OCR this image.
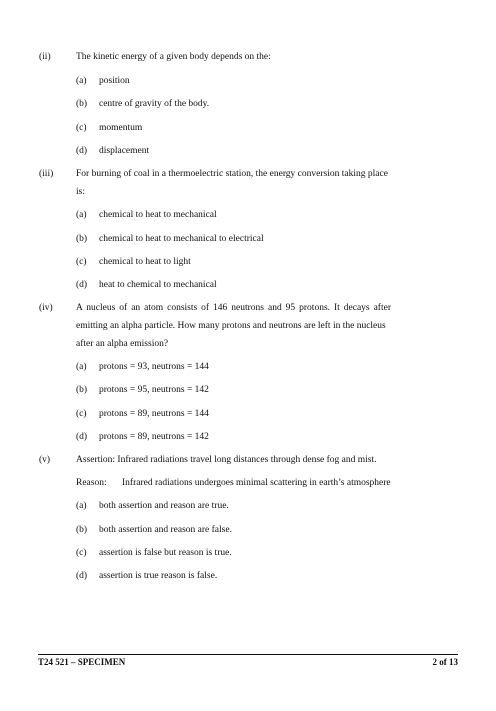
(ii)	The kinetic energy of a given body depends on the:
(a) position
(b) centre of gravity of the body.
(c) momentum
(d) displacement
(iii) For burning of coal in a thermoelectric station, the energy conversion taking place
is:
(a) chemical to heat to mechanical
(b) chemical to heat to mechanical to electrical
(c) chemical to heat to light
(d) heat to chemical to mechanical
(iv) A nucleus of an atom consists of 146 neutrons and 95 protons. It decays after
emitting an alpha particle. How many protons and neutrons are left in the nucleus
after an alpha emission?
(a) protons = 93, neutrons = 144
(b) protons = 95, neutrons = 142
(c) protons = 89, neutrons = 144
(d) protons = 89, neutrons = 142
(v)	Assertion: Infrared radiations travel long distances through dense fog and mist.
Reason: Infrared radiations undergoes minimal scattering in earth’s atmosphere
(a) both assertion and reason are true.
(b) both assertion and reason are false.
(c) assertion is false but reason is true.
(d) assertion is true reason is false.
T24 521 – SPECIMEN	2 of 13
